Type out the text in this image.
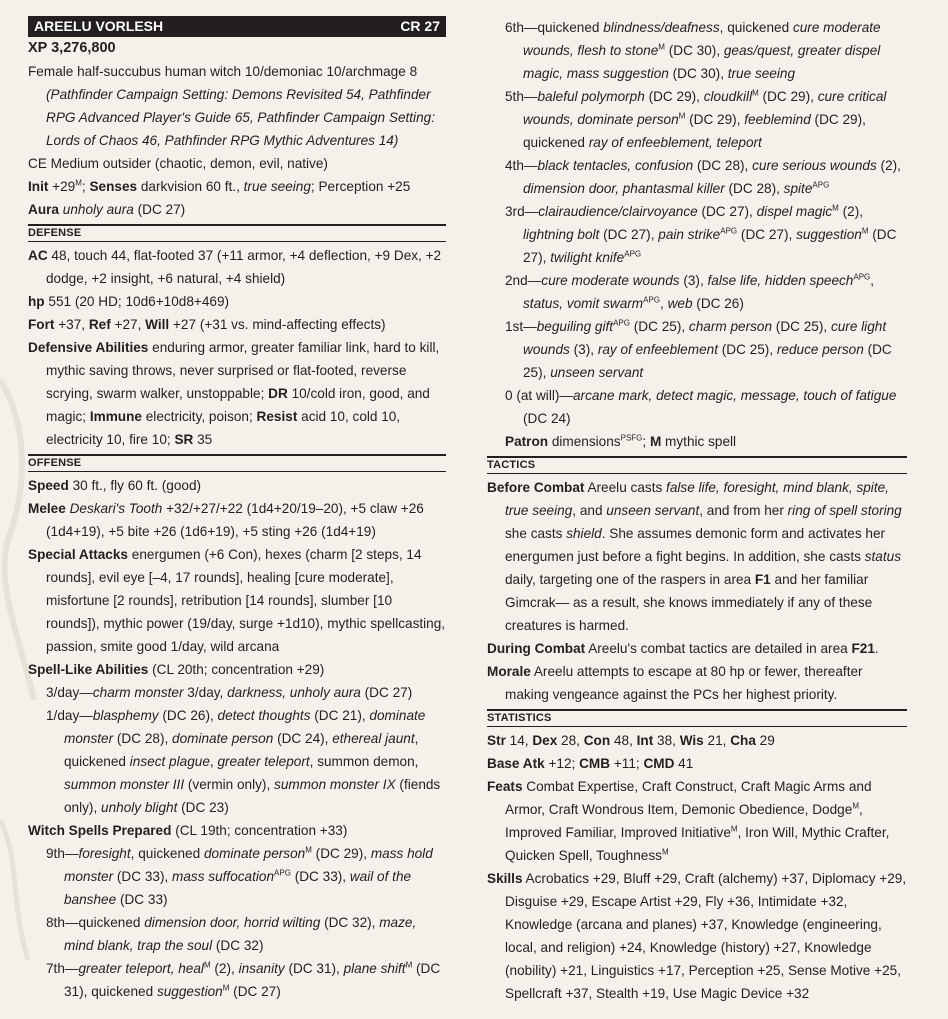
AREELU VORLESH	CR 27
XP 3,276,800
Female half-succubus human witch 10/demoniac 10/archmage 8
(Pathfinder Campaign Setting: Demons Revisited 54, Pathfinder RPG Advanced Player's Guide 65, Pathfinder Campaign Setting: Lords of Chaos 46, Pathfinder RPG Mythic Adventures 14)
CE Medium outsider (chaotic, demon, evil, native)
Init $+29^M$; Senses darkvision 60 ft., true seeing; Perception +25
Aura unholy aura (DC 27)
DEFENSE
AC 48, touch 44, flat-footed 37 (+11 armor, +4 deflection, +9 Dex, +2 dodge, +2 insight, +6 natural, +4 shield)
hp 551 (20 HD; 10d6+10d8+469)
Fort +37, Ref +27, Will +27 (+31 vs. mind-affecting effects)
Defensive Abilities enduring armor, greater familiar link, hard to kill, mythic saving throws, never surprised or flat-footed, reverse scrying, swarm walker, unstoppable; DR 10/cold iron, good, and magic; Immune electricity, poison; Resist acid 10, cold 10, electricity 10, fire 10; SR 35
OFFENSE
Speed 30 ft., fly 60 ft. (good)
Melee Deskari's Tooth +32/+27/+22 (1d4+20/19–20), +5 claw +26 (1d4+19), +5 bite +26 (1d6+19), +5 sting +26 (1d4+19)
Special Attacks energumen (+6 Con), hexes (charm [2 steps, 14 rounds], evil eye [–4, 17 rounds], healing [cure moderate], misfortune [2 rounds], retribution [14 rounds], slumber [10 rounds]), mythic power (19/day, surge +1d10), mythic spellcasting, passion, smite good 1/day, wild arcana
Spell-Like Abilities (CL 20th; concentration +29)
3/day—charm monster 3/day, darkness, unholy aura (DC 27)
1/day—blasphemy (DC 26), detect thoughts (DC 21), dominate monster (DC 28), dominate person (DC 24), ethereal jaunt, quickened insect plague, greater teleport, summon demon, summon monster III (vermin only), summon monster IX (fiends only), unholy blight (DC 23)
Witch Spells Prepared (CL 19th; concentration +33)
9th—foresight, quickened dominate person$^M$ (DC 29), mass hold monster (DC 33), mass suffocation$^{APG}$ (DC 33), wail of the banshee (DC 33)
8th—quickened dimension door, horrid wilting (DC 32), maze, mind blank, trap the soul (DC 32)
7th—greater teleport, heal$^M$ (2), insanity (DC 31), plane shift$^M$ (DC 31), quickened suggestion$^M$ (DC 27)
6th—quickened blindness/deafness, quickened cure moderate wounds, flesh to stone$^M$ (DC 30), geas/quest, greater dispel magic, mass suggestion (DC 30), true seeing
5th—baleful polymorph (DC 29), cloudkill$^M$ (DC 29), cure critical wounds, dominate person$^M$ (DC 29), feeblemind (DC 29), quickened ray of enfeeblement, teleport
4th—black tentacles, confusion (DC 28), cure serious wounds (2), dimension door, phantasmal killer (DC 28), spite$^{APG}$
3rd—clairaudience/clairvoyance (DC 27), dispel magic$^M$ (2), lightning bolt (DC 27), pain strike$^{APG}$ (DC 27), suggestion$^M$ (DC 27), twilight knife$^{APG}$
2nd—cure moderate wounds (3), false life, hidden speech$^{APG}$, status, vomit swarm$^{APG}$, web (DC 26)
1st—beguiling gift$^{APG}$ (DC 25), charm person (DC 25), cure light wounds (3), ray of enfeeblement (DC 25), reduce person (DC 25), unseen servant
0 (at will)—arcane mark, detect magic, message, touch of fatigue (DC 24)
Patron dimensions$^{PSFG}$; M mythic spell
TACTICS
Before Combat Areelu casts false life, foresight, mind blank, spite, true seeing, and unseen servant, and from her ring of spell storing she casts shield. She assumes demonic form and activates her energumen just before a fight begins. In addition, she casts status daily, targeting one of the raspers in area F1 and her familiar Gimcrak— as a result, she knows immediately if any of these creatures is harmed.
During Combat Areelu's combat tactics are detailed in area F21.
Morale Areelu attempts to escape at 80 hp or fewer, thereafter making vengeance against the PCs her highest priority.
STATISTICS
Str 14, Dex 28, Con 48, Int 38, Wis 21, Cha 29
Base Atk +12; CMB +11; CMD 41
Feats Combat Expertise, Craft Construct, Craft Magic Arms and Armor, Craft Wondrous Item, Demonic Obedience, Dodge$^M$, Improved Familiar, Improved Initiative$^M$, Iron Will, Mythic Crafter, Quicken Spell, Toughness$^M$
Skills Acrobatics +29, Bluff +29, Craft (alchemy) +37, Diplomacy +29, Disguise +29, Escape Artist +29, Fly +36, Intimidate +32, Knowledge (arcana and planes) +37, Knowledge (engineering, local, and religion) +24, Knowledge (history) +27, Knowledge (nobility) +21, Linguistics +17, Perception +25, Sense Motive +25, Spellcraft +37, Stealth +19, Use Magic Device +32
